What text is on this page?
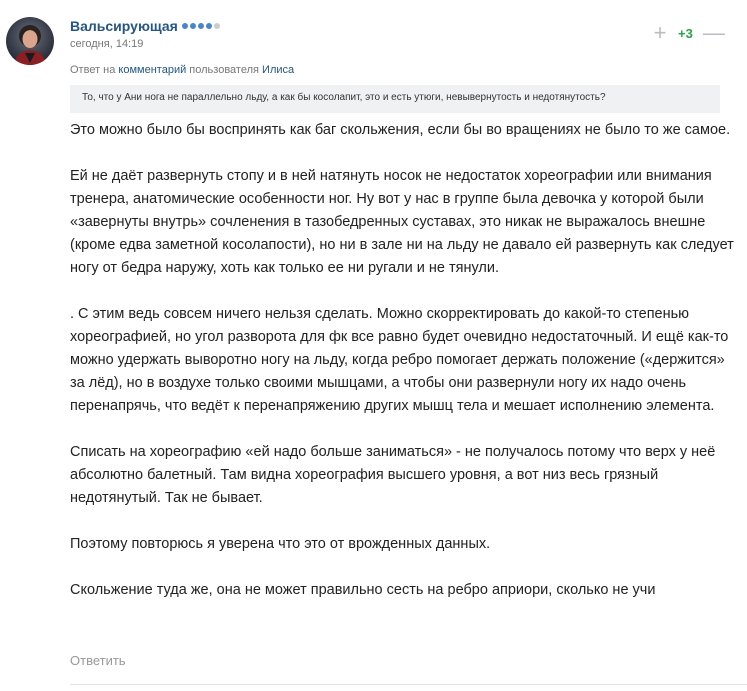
Вальсирующая
сегодня, 14:19	+ +3 —
Ответ на комментарий пользователя Илиса
То, что у Ани нога не параллельно льду, а как бы косолапит, это и есть утюги, невывернутость и недотянутость?

Это можно было бы воспринять как баг скольжения, если бы во вращениях не было то же самое.

Ей не даёт развернуть стопу и в ней натянуть носок не недостаток хореографии или внимания тренера, анатомические особенности ног. Ну вот у нас в группе была девочка у которой были «завернуты внутрь» сочленения в тазобедренных суставах, это никак не выражалось внешне (кроме едва заметной косолапости), но ни в зале ни на льду не давало ей развернуть как следует ногу от бедра наружу, хоть как только ее ни ругали и не тянули.

. С этим ведь совсем ничего нельзя сделать. Можно скорректировать до какой-то степенью хореографией, но угол разворота для фк все равно будет очевидно недостаточный. И ещё как-то можно удержать выворотно ногу на льду, когда ребро помогает держать положение («держится» за лёд), но в воздухе только своими мышцами, а чтобы они развернули ногу их надо очень перенапрячь, что ведёт к перенапряжению других мышц тела и мешает исполнению элемента.

Списать на хореографию «ей надо больше заниматься» - не получалось потому что верх у неё абсолютно балетный. Там видна хореография высшего уровня, а вот низ весь грязный недотянутый. Так не бывает.

Поэтому повторюсь я уверена что это от врожденных данных.

Скольжение туда же, она не может правильно сесть на ребро априори, сколько не учи

Ответить
